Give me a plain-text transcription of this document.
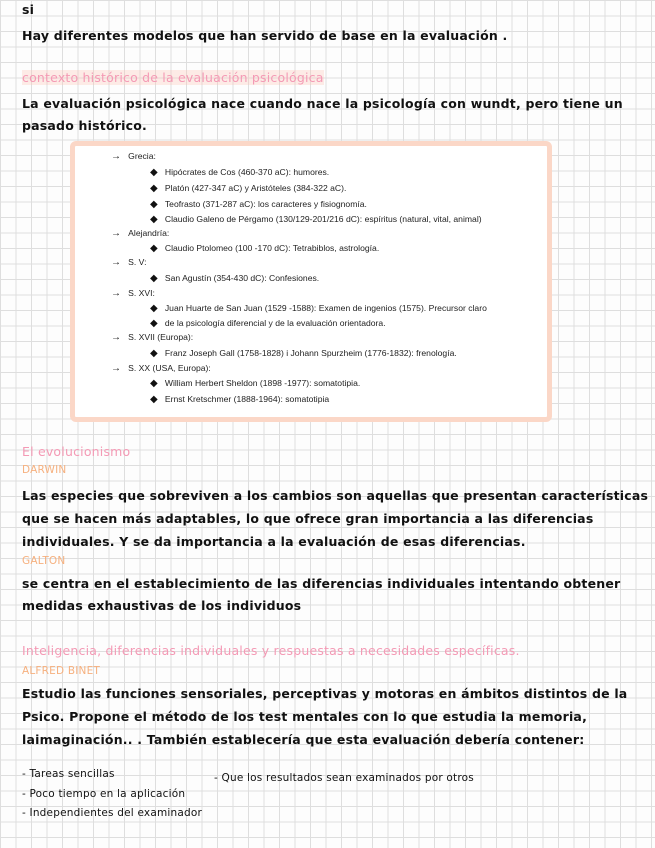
si
Hay diferentes modelos que han servido de base en la evaluación .
contexto histórico de la evaluación psicológica
La evaluación psicológica nace cuando nace la psicología con wundt, pero tiene un
pasado histórico.
→ Grecia:
◆ Hipócrates de Cos (460-370 aC): humores.
◆ Platón (427-347 aC) y Aristóteles (384-322 aC).
◆ Teofrasto (371-287 aC): los caracteres y fisiognomía.
◆ Claudio Galeno de Pérgamo (130/129-201/216 dC): espíritus (natural, vital, animal)
→ Alejandría:
◆ Claudio Ptolomeo (100 -170 dC): Tetrabiblos, astrología.
→ S. V:
◆ San Agustín (354-430 dC): Confesiones.
→ S. XVI:
◆ Juan Huarte de San Juan (1529 -1588): Examen de ingenios (1575). Precursor claro
◆ de la psicología diferencial y de la evaluación orientadora.
→ S. XVII (Europa):
◆ Franz Joseph Gall (1758-1828) i Johann Spurzheim (1776-1832): frenología.
→ S. XX (USA, Europa):
◆ William Herbert Sheldon (1898 -1977): somatotipia.
◆ Ernst Kretschmer (1888-1964): somatotipia
El evolucionismo
DARWIN
Las especies que sobreviven a los cambios son aquellas que presentan características
que se hacen más adaptables, lo que ofrece gran importancia a las diferencias
individuales. Y se da importancia a la evaluación de esas diferencias.
GALTON
se centra en el establecimiento de las diferencias individuales intentando obtener
medidas exhaustivas de los individuos
Inteligencia, diferencias individuales y respuestas a necesidades específicas.
ALFRED BINET
Estudio las funciones sensoriales, perceptivas y motoras en ámbitos distintos de la
Psico. Propone el método de los test mentales con lo que estudia la memoria,
laimaginación.. . También establecería que esta evaluación debería contener:
- Tareas sencillas
- Poco tiempo en la aplicación
- Independientes del examinador
- Que los resultados sean examinados por otros
